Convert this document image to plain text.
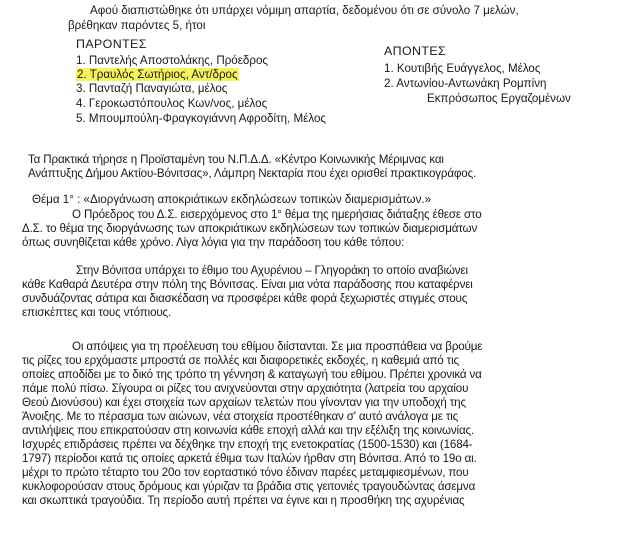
Αφού διαπιστώθηκε ότι υπάρχει νόμιμη απαρτία, δεδομένου ότι σε σύνολο 7 μελών,
βρέθηκαν παρόντες 5, ήτοι
ΠΑΡΟΝΤΕΣ
1. Παντελής Αποστολάκης, Πρόεδρος
2. Τραυλός Σωτήριος, Αντ/δρος
3. Πανταζή Παναγιώτα, μέλος
4. Γεροκωστόπουλος Κων/νος, μέλος
5. Μπουμπούλη-Φραγκογιάννη Αφροδίτη, Μέλος
ΑΠΟΝΤΕΣ
1. Κουτιβής Ευάγγελος, Μέλος
2. Αντωνίου-Αντωνάκη Ρομπίνη
Εκπρόσωπος Εργαζομένων
Τα Πρακτικά τήρησε η Προϊσταμένη του Ν.Π.Δ.Δ. «Κέντρο Κοινωνικής Μέριμνας και
Ανάπτυξης Δήμου Ακτίου-Βόνιτσας», Λάμπρη Νεκταρία που έχει ορισθεί πρακτικογράφος.
Θέμα 1° : «Διοργάνωση αποκριάτικων εκδηλώσεων τοπικών διαμερισμάτων.»
Ο Πρόεδρος του Δ.Σ. εισερχόμενος στο 1° θέμα της ημερήσιας διάταξης έθεσε στο
Δ.Σ. το θέμα της διοργάνωσης των αποκριάτικων εκδηλώσεων των τοπικών διαμερισμάτων
όπως συνηθίζεται κάθε χρόνο. Λίγα λόγια για την παράδοση του κάθε τόπου:
Στην Βόνιτσα υπάρχει το έθιμο του Αχυρένιου – Γληγοράκη το οποίο αναβιώνει
κάθε Καθαρά Δευτέρα στην πόλη της Βόνιτσας. Είναι μια νότα παράδοσης που καταφέρνει
συνδυάζοντας σάτιρα και διασκέδαση να προσφέρει κάθε φορά ξεχωριστές στιγμές στους
επισκέπτες και τους ντόπιους.
Οι απόψεις για τη προέλευση του εθίμου διίστανται. Σε μια προσπάθεια να βρούμε
τις ρίζες του ερχόμαστε μπροστά σε πολλές και διαφορετικές εκδοχές, η καθεμιά από τις
οποίες αποδίδει με το δικό της τρόπο τη γέννηση & καταγωγή του εθίμου. Πρέπει χρονικά να
πάμε πολύ πίσω. Σίγουρα οι ρίζες του ανιχνεύονται στην αρχαιότητα (λατρεία του αρχαίου
Θεού Διονύσου) και έχει στοιχεία των αρχαίων τελετών που γίνονταν για την υποδοχή της
Άνοιξης. Με το πέρασμα των αιώνων, νέα στοιχεία προστέθηκαν σ' αυτό ανάλογα με τις
αντιλήψεις που επικρατούσαν στη κοινωνία κάθε εποχή αλλά και την εξέλιξη της κοινωνίας.
Ισχυρές επιδράσεις πρέπει να δέχθηκε την εποχή της ενετοκρατίας (1500-1530) και (1684-
1797) περίοδοι κατά τις οποίες αρκετά έθιμα των Ιταλών ήρθαν στη Βόνιτσα. Από το 19ο αι.
μέχρι το πρώτο τέταρτο του 20ο τον εορταστικό τόνο έδιναν παρέες μεταμφιεσμένων, που
κυκλοφορούσαν στους δρόμους και γύριζαν τα βράδια στις γειτονιές τραγουδώντας άσεμνα
και σκωπτικά τραγούδια. Τη περίοδο αυτή πρέπει να έγινε και η προσθήκη της αχυρένιας
